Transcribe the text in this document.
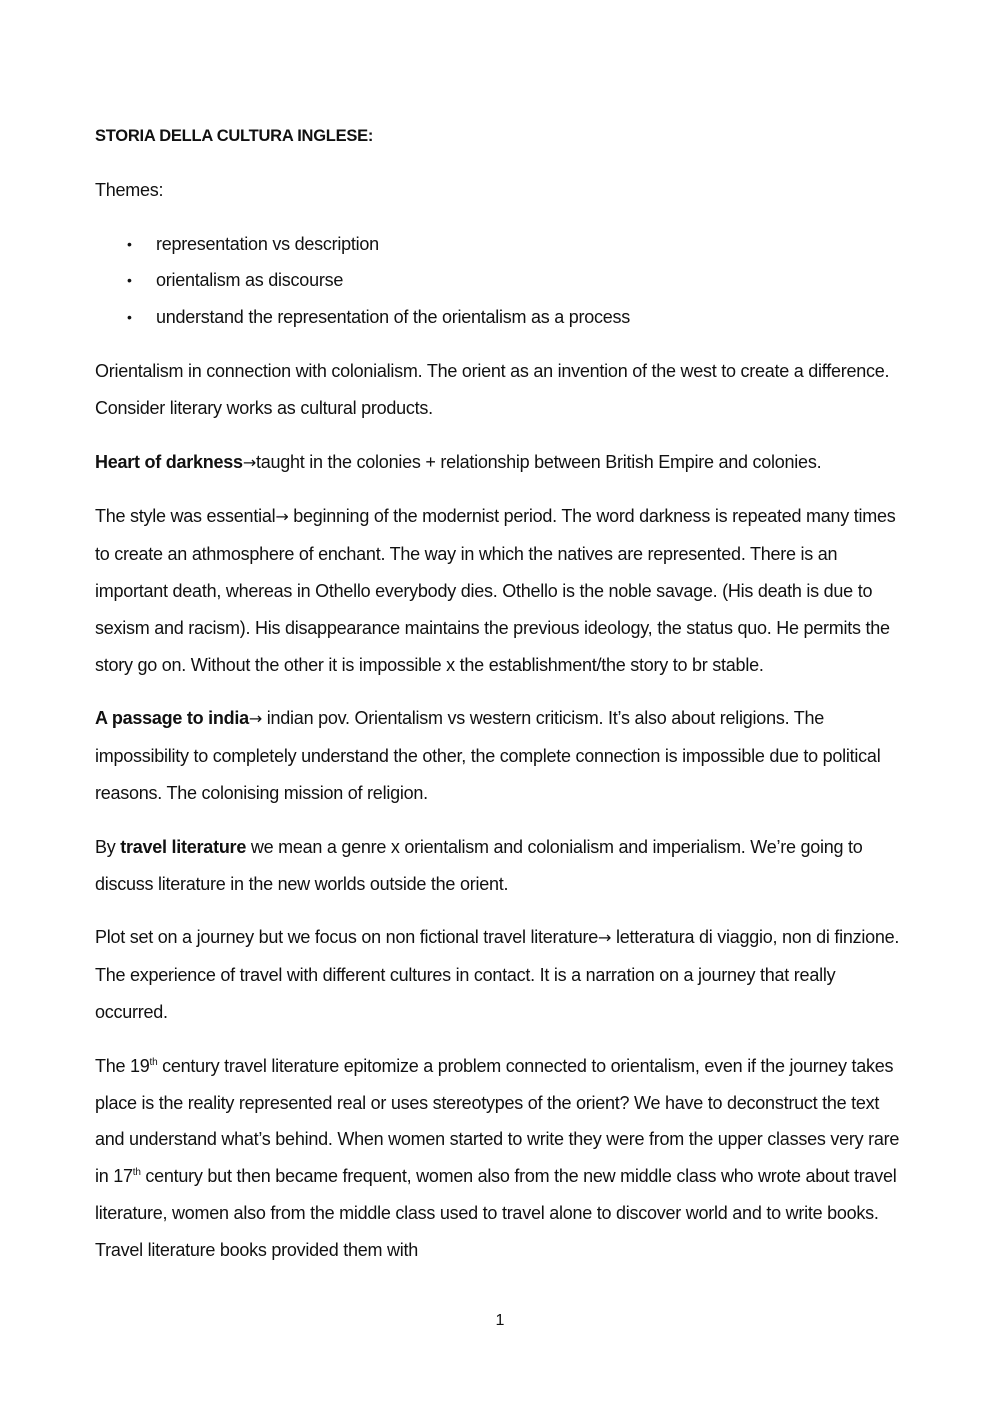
STORIA DELLA CULTURA INGLESE:
Themes:
• representation vs description
• orientalism as discourse
• understand the representation of the orientalism as a process

Orientalism in connection with colonialism. The orient as an invention of the west to create a difference. Consider literary works as cultural products.

Heart of darkness→taught in the colonies + relationship between British Empire and colonies.

The style was essential→ beginning of the modernist period. The word darkness is repeated many times to create an athmosphere of enchant. The way in which the natives are represented. There is an important death, whereas in Othello everybody dies. Othello is the noble savage. (His death is due to sexism and racism). His disappearance maintains the previous ideology, the status quo. He permits the story go on. Without the other it is impossible x the establishment/the story to br stable.

A passage to india→ indian pov. Orientalism vs western criticism. It’s also about religions. The impossibility to completely understand the other, the complete connection is impossible due to political reasons. The colonising mission of religion.

By travel literature we mean a genre x orientalism and colonialism and imperialism. We’re going to discuss literature in the new worlds outside the orient.

Plot set on a journey but we focus on non fictional travel literature→ letteratura di viaggio, non di finzione. The experience of travel with different cultures in contact. It is a narration on a journey that really occurred.

The 19th century travel literature epitomize a problem connected to orientalism, even if the journey takes place is the reality represented real or uses stereotypes of the orient? We have to deconstruct the text and understand what’s behind. When women started to write they were from the upper classes very rare in 17th century but then became frequent, women also from the new middle class who wrote about travel literature, women also from the middle class used to travel alone to discover world and to write books. Travel literature books provided them with

1
